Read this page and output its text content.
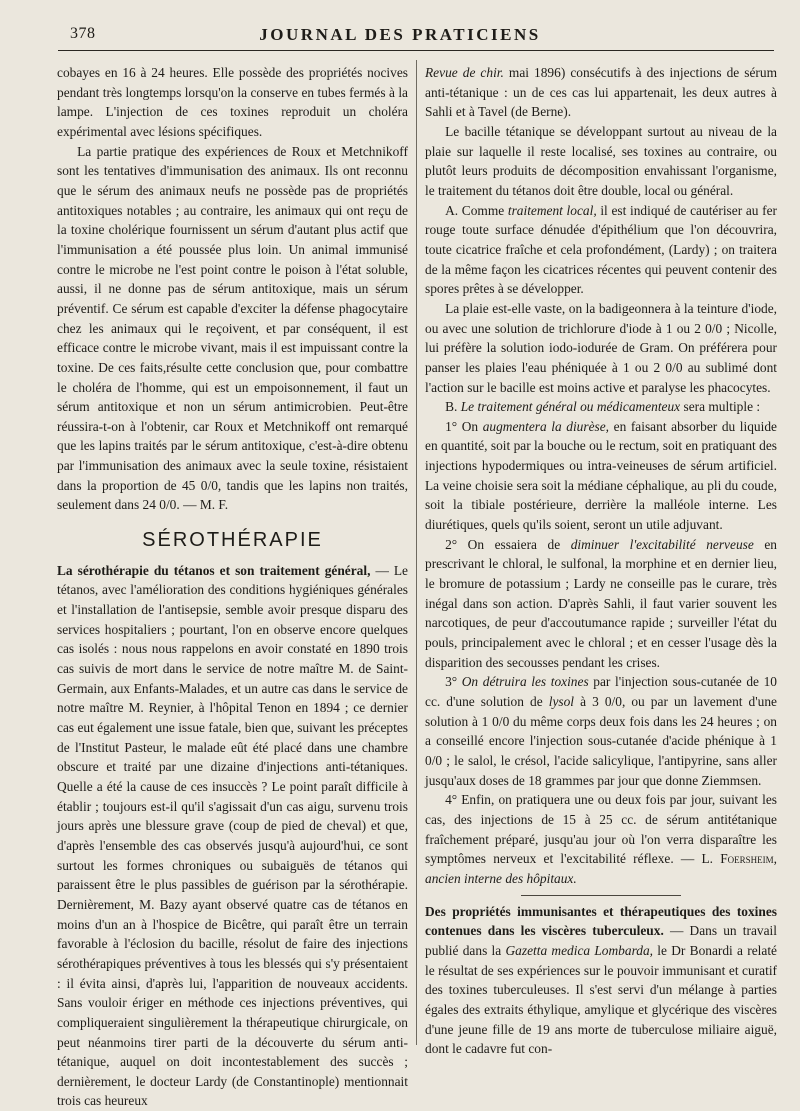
378	JOURNAL DES PRATICIENS

cobayes en 16 à 24 heures. Elle possède des propriétés nocives pendant très longtemps lorsqu'on la conserve en tubes fermés à la lampe. L'injection de ces toxines reproduit un choléra expérimental avec lésions spécifiques.

La partie pratique des expériences de Roux et Metchnikoff sont les tentatives d'immunisation des animaux. Ils ont reconnu que le sérum des animaux neufs ne possède pas de propriétés antitoxiques notables ; au contraire, les animaux qui ont reçu de la toxine cholérique fournissent un sérum d'autant plus actif que l'immunisation a été poussée plus loin. Un animal immunisé contre le microbe ne l'est point contre le poison à l'état soluble, aussi, il ne donne pas de sérum antitoxique, mais un sérum préventif. Ce sérum est capable d'exciter la défense phagocytaire chez les animaux qui le reçoivent, et par conséquent, il est efficace contre le microbe vivant, mais il est impuissant contre la toxine. De ces faits,résulte cette conclusion que, pour combattre le choléra de l'homme, qui est un empoisonnement, il faut un sérum antitoxique et non un sérum antimicrobien. Peut-être réussira-t-on à l'obtenir, car Roux et Metchnikoff ont remarqué que les lapins traités par le sérum antitoxique, c'est-à-dire obtenu par l'immunisation des animaux avec la seule toxine, résistaient dans la proportion de 45 0/0, tandis que les lapins non traités, seulement dans 24 0/0. — M. F.

SÉROTHÉRAPIE

La sérothérapie du tétanos et son traitement général, — Le tétanos, avec l'amélioration des conditions hygiéniques générales et l'installation de l'antisepsie, semble avoir presque disparu des services hospitaliers ; pourtant, l'on en observe encore quelques cas isolés : nous nous rappelons en avoir constaté en 1890 trois cas suivis de mort dans le service de notre maître M. de Saint-Germain, aux Enfants-Malades, et un autre cas dans le service de notre maître M. Reynier, à l'hôpital Tenon en 1894 ; ce dernier cas eut également une issue fatale, bien que, suivant les préceptes de l'Institut Pasteur, le malade eût été placé dans une chambre obscure et traité par une dizaine d'injections anti-tétaniques. Quelle a été la cause de ces insuccès ? Le point paraît difficile à établir ; toujours est-il qu'il s'agissait d'un cas aigu, survenu trois jours après une blessure grave (coup de pied de cheval) et que, d'après l'ensemble des cas observés jusqu'à aujourd'hui, ce sont surtout les formes chroniques ou subaiguës de tétanos qui paraissent être le plus passibles de guérison par la sérothérapie. Dernièrement, M. Bazy ayant observé quatre cas de tétanos en moins d'un an à l'hospice de Bicêtre, qui paraît être un terrain favorable à l'éclosion du bacille, résolut de faire des injections sérothérapiques préventives à tous les blessés qui s'y présentaient : il évita ainsi, d'après lui, l'apparition de nouveaux accidents. Sans vouloir ériger en méthode ces injections préventives, qui compliqueraient singulièrement la thérapeutique chirurgicale, on peut néanmoins tirer parti de la découverte du sérum anti-tétanique, auquel on doit incontestablement des succès ; dernièrement, le docteur Lardy (de Constantinople) mentionnait trois cas heureux

Revue de chir. mai 1896) consécutifs à des injections de sérum anti-tétanique : un de ces cas lui appartenait, les deux autres à Sahli et à Tavel (de Berne).

Le bacille tétanique se développant surtout au niveau de la plaie sur laquelle il reste localisé, ses toxines au contraire, ou plutôt leurs produits de décomposition envahissant l'organisme, le traitement du tétanos doit être double, local ou général.

A. Comme traitement local, il est indiqué de cautériser au fer rouge toute surface dénudée d'épithélium que l'on découvrira, toute cicatrice fraîche et cela profondément, (Lardy) ; on traitera de la même façon les cicatrices récentes qui peuvent contenir des spores prêtes à se développer.

La plaie est-elle vaste, on la badigeonnera à la teinture d'iode, ou avec une solution de trichlorure d'iode à 1 ou 2 0/0 ; Nicolle, lui préfère la solution iodo-iodurée de Gram. On préférera pour panser les plaies l'eau phéniquée à 1 ou 2 0/0 au sublimé dont l'action sur le bacille est moins active et paralyse les phacocytes.

B. Le traitement général ou médicamenteux sera multiple :

1° On augmentera la diurèse, en faisant absorber du liquide en quantité, soit par la bouche ou le rectum, soit en pratiquant des injections hypodermiques ou intra-veineuses de sérum artificiel. La veine choisie sera soit la médiane céphalique, au pli du coude, soit la tibiale postérieure, derrière la malléole interne. Les diurétiques, quels qu'ils soient, seront un utile adjuvant.

2° On essaiera de diminuer l'excitabilité nerveuse en prescrivant le chloral, le sulfonal, la morphine et en dernier lieu, le bromure de potassium ; Lardy ne conseille pas le curare, très inégal dans son action. D'après Sahli, il faut varier souvent les narcotiques, de peur d'accoutumance rapide ; surveiller l'état du pouls, principalement avec le chloral ; et en cesser l'usage dès la disparition des secousses pendant les crises.

3° On détruira les toxines par l'injection sous-cutanée de 10 cc. d'une solution de lysol à 3 0/0, ou par un lavement d'une solution à 1 0/0 du même corps deux fois dans les 24 heures ; on a conseillé encore l'injection sous-cutanée d'acide phénique à 1 0/0 ; le salol, le crésol, l'acide salicylique, l'antipyrine, sans aller jusqu'aux doses de 18 grammes par jour que donne Ziemmsen.

4° Enfin, on pratiquera une ou deux fois par jour, suivant les cas, des injections de 15 à 25 cc. de sérum antitétanique fraîchement préparé, jusqu'au jour où l'on verra disparaître les symptômes nerveux et l'excitabilité réflexe. — L. Foersheim, ancien interne des hôpitaux.

Des propriétés immunisantes et thérapeutiques des toxines contenues dans les viscères tuberculeux. — Dans un travail publié dans la Gazetta medica Lombarda, le Dr Bonardi a relaté le résultat de ses expériences sur le pouvoir immunisant et curatif des toxines tuberculeuses. Il s'est servi d'un mélange à parties égales des extraits éthylique, amylique et glycérique des viscères d'une jeune fille de 19 ans morte de tuberculose miliaire aiguë, dont le cadavre fut con-
